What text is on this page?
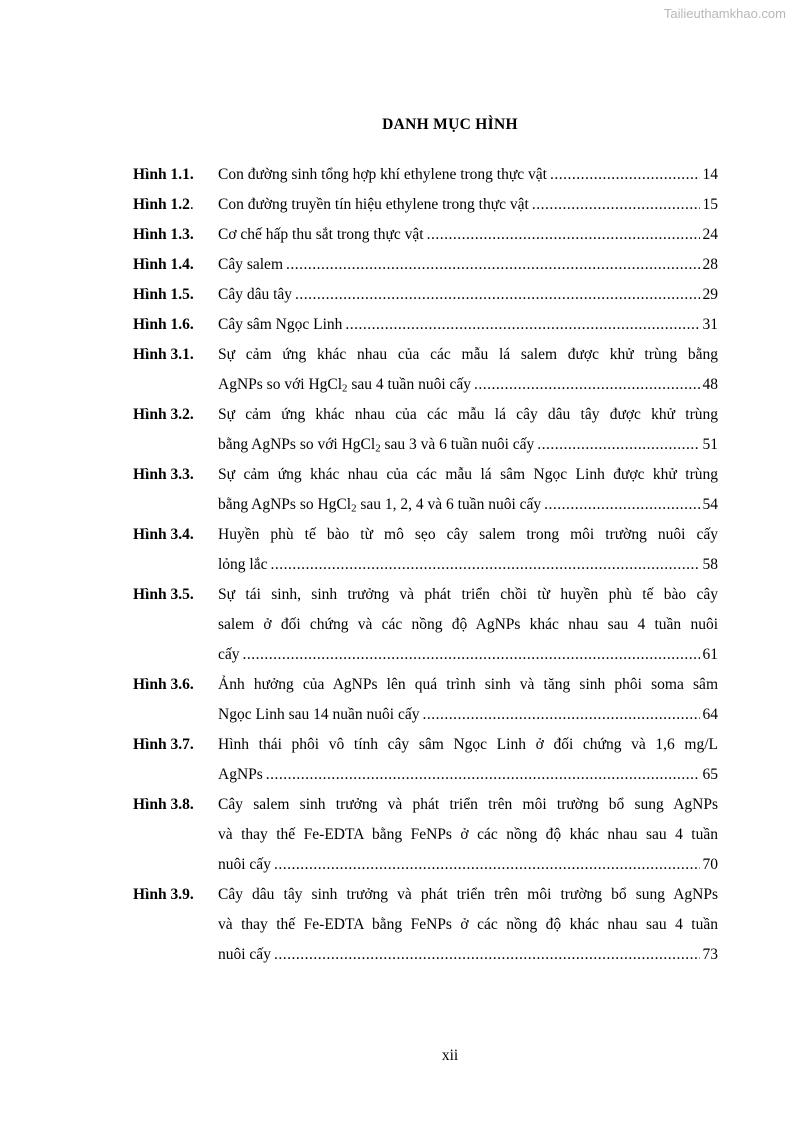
Tailieuthamkhao.com
DANH MỤC HÌNH
Hình 1.1.	Con đường sinh tổng hợp khí ethylene trong thực vật .....	14
Hình 1.2.	Con đường truyền tín hiệu ethylene trong thực vật .....	15
Hình 1.3.	Cơ chế hấp thu sắt trong thực vật .....	24
Hình 1.4.	Cây salem .....	28
Hình 1.5.	Cây dâu tây .....	29
Hình 1.6.	Cây sâm Ngọc Linh .....	31
Hình 3.1.	Sự cảm ứng khác nhau của các mẫu lá salem được khử trùng bằng
AgNPs so với HgCl$_2$ sau 4 tuần nuôi cấy .....	48
Hình 3.2.	Sự cảm ứng khác nhau của các mẫu lá cây dâu tây được khử trùng
bằng AgNPs so với HgCl$_2$ sau 3 và 6 tuần nuôi cấy .....	51
Hình 3.3.	Sự cảm ứng khác nhau của các mẫu lá sâm Ngọc Linh được khử trùng
bằng AgNPs so HgCl$_2$ sau 1, 2, 4 và 6 tuần nuôi cấy .....	54
Hình 3.4.	Huyền phù tế bào từ mô sẹo cây salem trong môi trường nuôi cấy
lỏng lắc .....	58
Hình 3.5.	Sự tái sinh, sinh trưởng và phát triển chồi từ huyền phù tế bào cây
salem ở đối chứng và các nồng độ AgNPs khác nhau sau 4 tuần nuôi
cấy .....	61
Hình 3.6.	Ảnh hưởng của AgNPs lên quá trình sinh và tăng sinh phôi soma sâm
Ngọc Linh sau 14 nuần nuôi cấy .....	64
Hình 3.7.	Hình thái phôi vô tính cây sâm Ngọc Linh ở đối chứng và 1,6 mg/L
AgNPs .....	65
Hình 3.8.	Cây salem sinh trưởng và phát triển trên môi trường bổ sung AgNPs
và thay thế Fe-EDTA bằng FeNPs ở các nồng độ khác nhau sau 4 tuần
nuôi cấy .....	70
Hình 3.9.	Cây dâu tây sinh trưởng và phát triển trên môi trường bổ sung AgNPs
và thay thế Fe-EDTA bằng FeNPs ở các nồng độ khác nhau sau 4 tuần
nuôi cấy .....	73
xii
